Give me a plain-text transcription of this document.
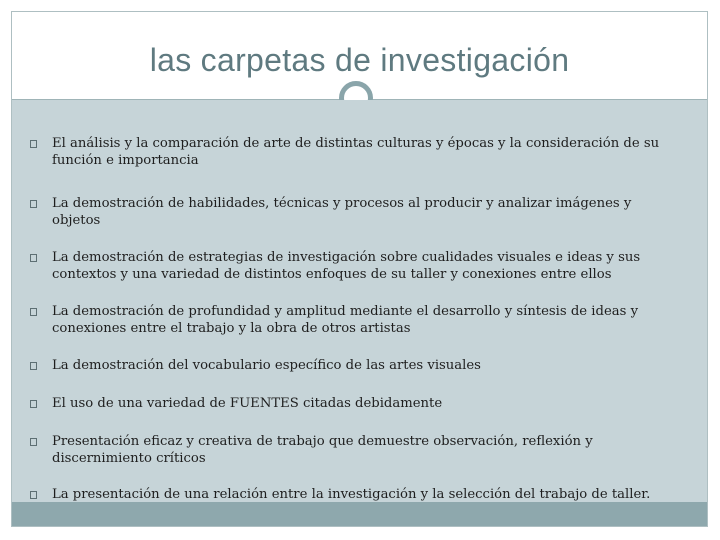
las carpetas de investigación
El análisis y la comparación de arte de distintas culturas y épocas y la consideración de su
función e importancia
La demostración de habilidades, técnicas y procesos al producir y analizar imágenes y
objetos
La demostración de estrategias de investigación sobre cualidades visuales e ideas y sus
contextos y una variedad de distintos enfoques de su taller y conexiones entre ellos
La demostración de profundidad y amplitud mediante el desarrollo y síntesis de ideas y
conexiones entre el trabajo y la obra de otros artistas
La demostración del vocabulario específico de las artes visuales
El uso de una variedad de FUENTES citadas debidamente
Presentación eficaz y creativa de trabajo que demuestre observación, reflexión y
discernimiento críticos
La presentación de una relación entre la investigación y la selección del trabajo de taller.
